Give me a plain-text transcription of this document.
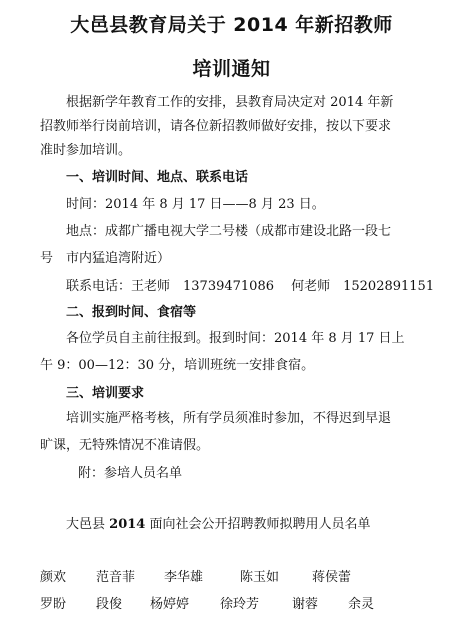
大邑县教育局关于 2014 年新招教师
培训通知
根据新学年教育工作的安排，县教育局决定对 2014 年新
招教师举行岗前培训，请各位新招教师做好安排，按以下要求
准时参加培训。
一、培训时间、地点、联系电话
时间：2014 年 8 月 17 日——8 月 23 日。
地点：成都广播电视大学二号楼（成都市建设北路一段七
号　市内猛追湾附近）
联系电话：王老师　13739471086　 何老师　15202891151
二、报到时间、食宿等
各位学员自主前往报到。报到时间：2014 年 8 月 17 日上
午 9：00—12：30 分，培训班统一安排食宿。
三、培训要求
培训实施严格考核，所有学员须准时参加，不得迟到早退
旷课，无特殊情况不准请假。
附：参培人员名单
大邑县 2014 面向社会公开招聘教师拟聘用人员名单
颜欢 范音菲 李华雄	陈玉如	蒋侯蕾
罗盼 段俊 杨婷婷 徐玲芳	谢蓉 余灵
